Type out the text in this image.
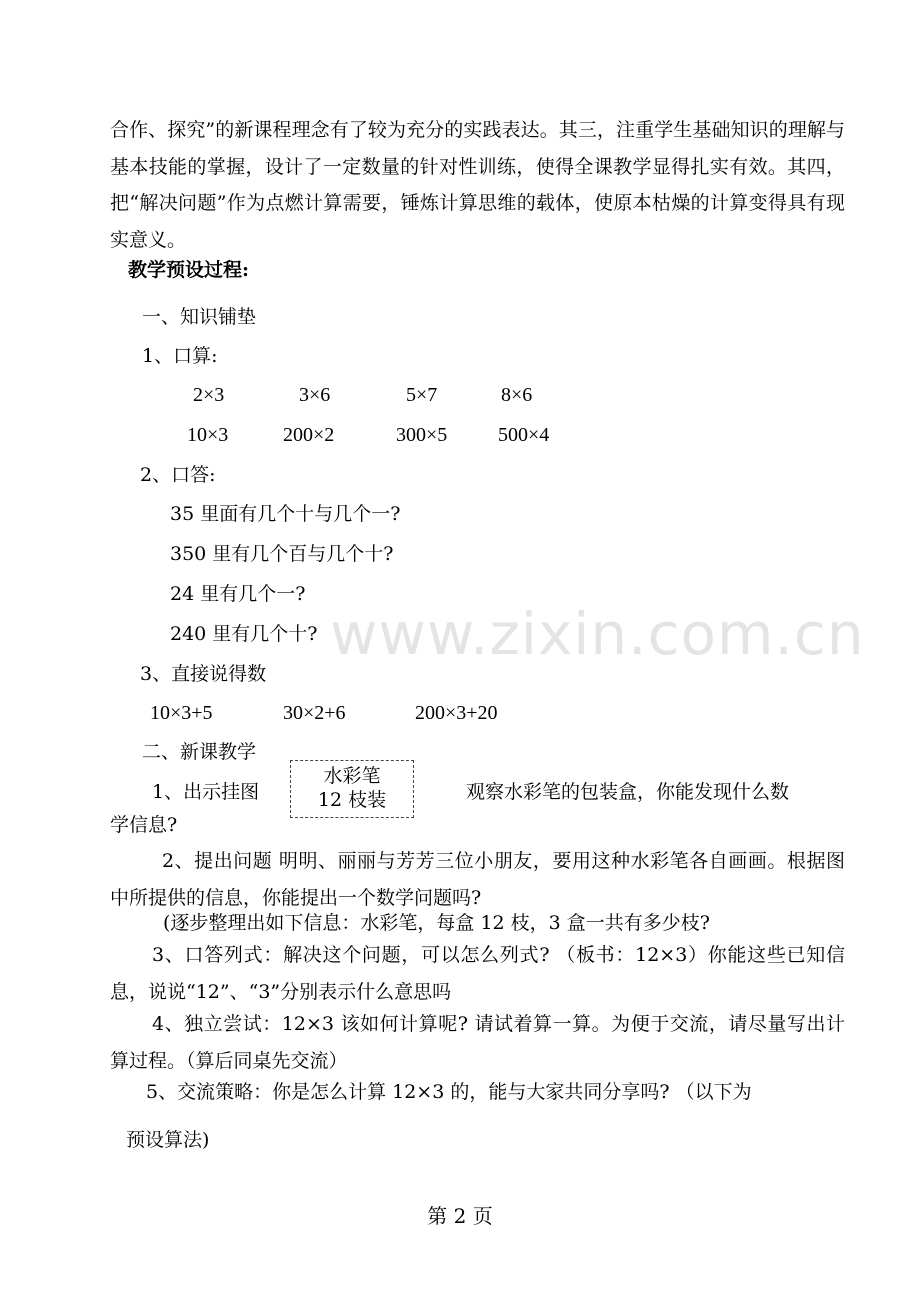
合作、探究”的新课程理念有了较为充分的实践表达。其三，注重学生基础知识的理解与基本技能的掌握，设计了一定数量的针对性训练，使得全课教学显得扎实有效。其四，把“解决问题”作为点燃计算需要，锤炼计算思维的载体，使原本枯燥的计算变得具有现实意义。
教学预设过程:
一、知识铺垫
1、口算:
2×3	3×6	5×7	8×6
10×3	200×2	300×5	500×4
2、口答:
35 里面有几个十与几个一?
350 里有几个百与几个十?
24 里有几个一?
240 里有几个十? www.zixin.com.cn
3、直接说得数
10×3+5	30×2+6	200×3+20
二、新课教学
1、出示挂图
水彩笔
12 枝装	观察水彩笔的包装盒，你能发现什么数
学信息?
2、提出问题 明明、丽丽与芳芳三位小朋友，要用这种水彩笔各自画画。根据图中所提供的信息，你能提出一个数学问题吗?
(逐步整理出如下信息：水彩笔，每盒 12 枝，3 盒一共有多少枝?
3、口答列式：解决这个问题，可以怎么列式? （板书：12×3）你能这些已知信息，说说“12”、“3”分别表示什么意思吗
4、独立尝试：12×3 该如何计算呢? 请试着算一算。为便于交流，请尽量写出计算过程。（算后同桌先交流）
5、交流策略：你是怎么计算 12×3 的，能与大家共同分享吗? （以下为
预设算法)
第 2 页
